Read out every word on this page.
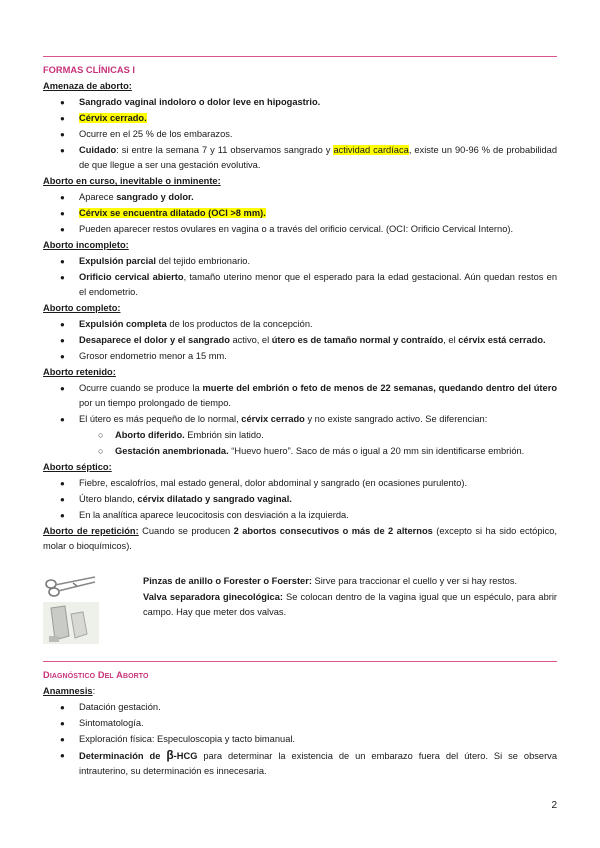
FORMAS CLÍNICAS I
Amenaza de aborto:
● Sangrado vaginal indoloro o dolor leve en hipogastrio.
● Cérvix cerrado.
● Ocurre en el 25 % de los embarazos.
● Cuidado: si entre la semana 7 y 11 observamos sangrado y actividad cardíaca, existe un 90-96 % de probabilidad de que llegue a ser una gestación evolutiva.
Aborto en curso, inevitable o inminente:
● Aparece sangrado y dolor.
● Cérvix se encuentra dilatado (OCI >8 mm).
● Pueden aparecer restos ovulares en vagina o a través del orificio cervical. (OCI: Orificio Cervical Interno).
Aborto incompleto:
● Expulsión parcial del tejido embrionario.
● Orificio cervical abierto, tamaño uterino menor que el esperado para la edad gestacional. Aún quedan restos en el endometrio.
Aborto completo:
● Expulsión completa de los productos de la concepción.
● Desaparece el dolor y el sangrado activo, el útero es de tamaño normal y contraído, el cérvix está cerrado.
● Grosor endometrio menor a 15 mm.
Aborto retenido:
● Ocurre cuando se produce la muerte del embrión o feto de menos de 22 semanas, quedando dentro del útero por un tiempo prolongado de tiempo.
● El útero es más pequeño de lo normal, cérvix cerrado y no existe sangrado activo. Se diferencian:
○ Aborto diferido. Embrión sin latido.
○ Gestación anembrionada. “Huevo huero”. Saco de más o igual a 20 mm sin identificarse embrión.
Aborto séptico:
● Fiebre, escalofríos, mal estado general, dolor abdominal y sangrado (en ocasiones purulento).
● Útero blando, cérvix dilatado y sangrado vaginal.
● En la analítica aparece leucocitosis con desviación a la izquierda.
Aborto de repetición: Cuando se producen 2 abortos consecutivos o más de 2 alternos (excepto si ha sido ectópico, molar o bioquímicos).

Pinzas de anillo o Forester o Foerster: Sirve para traccionar el cuello y ver si hay restos.

Valva separadora ginecológica: Se colocan dentro de la vagina igual que un espéculo, para abrir campo. Hay que meter dos valvas.

Diagnóstico Del Aborto
Anamnesis:
● Datación gestación.
● Sintomatología.
● Exploración física: Especuloscopia y tacto bimanual.
● Determinación de β-HCG para determinar la existencia de un embarazo fuera del útero. Si se observa intrauterino, su determinación es innecesaria.
2
